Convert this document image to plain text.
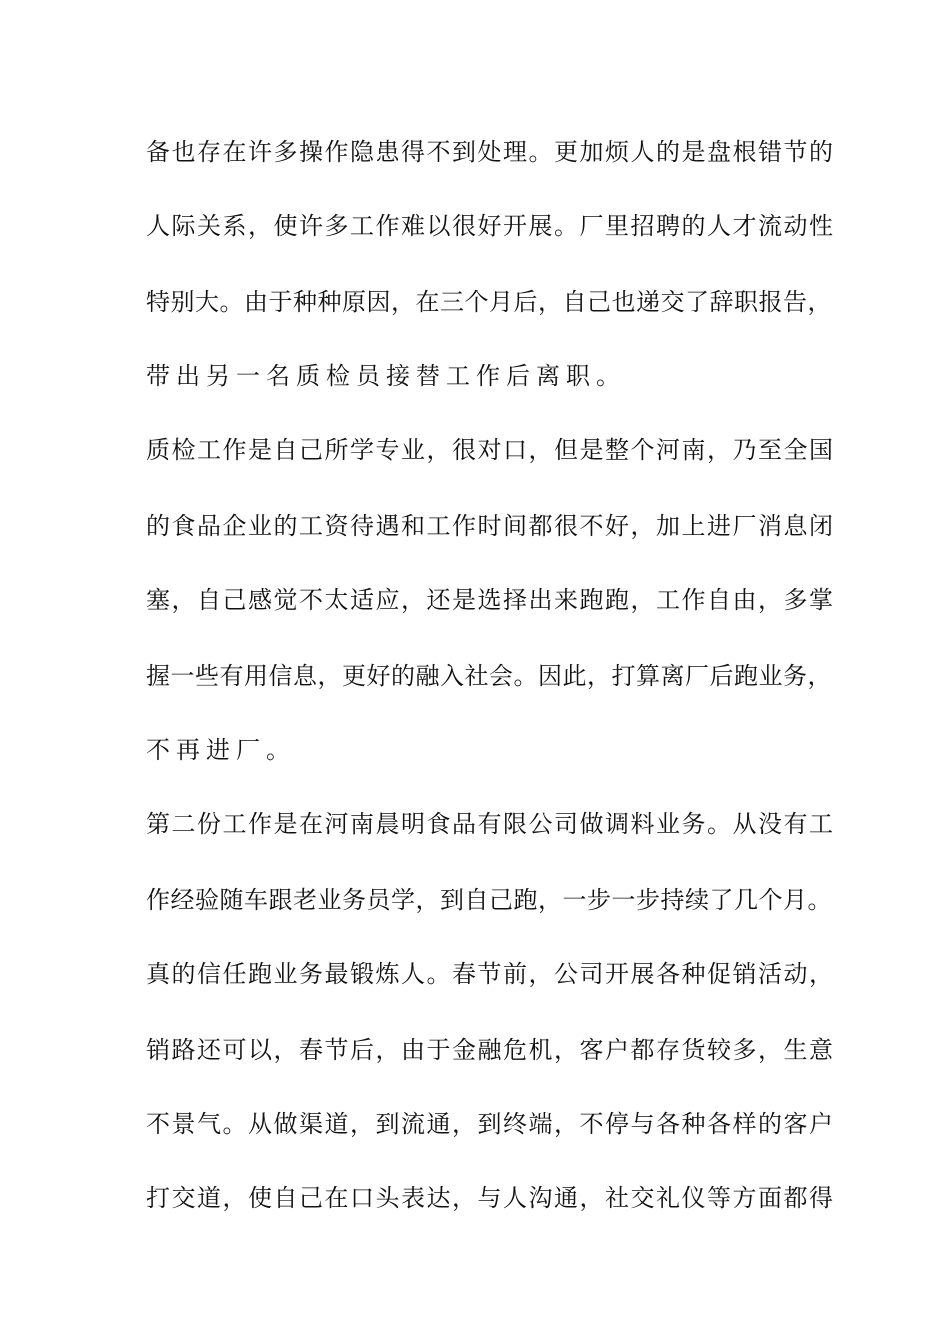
备也存在许多操作隐患得不到处理。更加烦人的是盘根错节的
人际关系，使许多工作难以很好开展。厂里招聘的人才流动性
特别大。由于种种原因，在三个月后，自己也递交了辞职报告，
带出另一名质检员接替工作后离职。
质检工作是自己所学专业，很对口，但是整个河南，乃至全国
的食品企业的工资待遇和工作时间都很不好，加上进厂消息闭
塞，自己感觉不太适应，还是选择出来跑跑，工作自由，多掌
握一些有用信息，更好的融入社会。因此，打算离厂后跑业务，
不再进厂。
第二份工作是在河南晨明食品有限公司做调料业务。从没有工
作经验随车跟老业务员学，到自己跑，一步一步持续了几个月。
真的信任跑业务最锻炼人。春节前，公司开展各种促销活动，
销路还可以，春节后，由于金融危机，客户都存货较多，生意
不景气。从做渠道，到流通，到终端，不停与各种各样的客户
打交道，使自己在口头表达，与人沟通，社交礼仪等方面都得
